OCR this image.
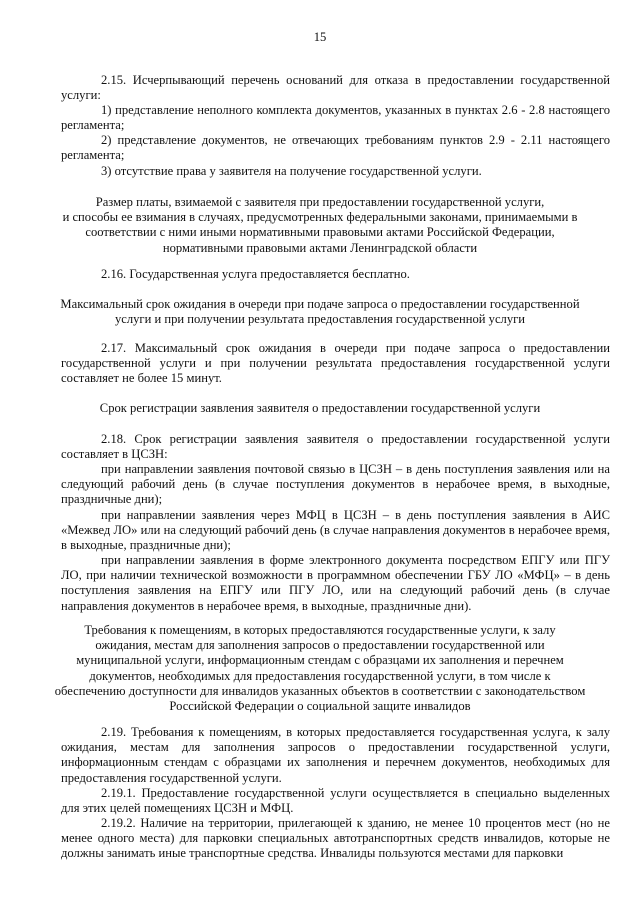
15
2.15. Исчерпывающий перечень оснований для отказа в предоставлении государственной услуги:
1) представление неполного комплекта документов, указанных в пунктах 2.6 - 2.8 настоящего регламента;
2) представление документов, не отвечающих требованиям пунктов 2.9 - 2.11 настоящего регламента;
3) отсутствие права у заявителя на получение государственной услуги.
Размер платы, взимаемой с заявителя при предоставлении государственной услуги,
и способы ее взимания в случаях, предусмотренных федеральными законами, принимаемыми в
соответствии с ними иными нормативными правовыми актами Российской Федерации,
нормативными правовыми актами Ленинградской области
2.16. Государственная услуга предоставляется бесплатно.
Максимальный срок ожидания в очереди при подаче запроса о предоставлении государственной
услуги и при получении результата предоставления государственной услуги
2.17. Максимальный срок ожидания в очереди при подаче запроса о предоставлении государственной услуги и при получении результата предоставления государственной услуги составляет не более 15 минут.
Срок регистрации заявления заявителя о предоставлении государственной услуги
2.18. Срок регистрации заявления заявителя о предоставлении государственной услуги составляет в ЦСЗН:
при направлении заявления почтовой связью в ЦСЗН – в день поступления заявления или на следующий рабочий день (в случае поступления документов в нерабочее время, в выходные, праздничные дни);
при направлении заявления через МФЦ в ЦСЗН – в день поступления заявления в АИС «Межвед ЛО» или на следующий рабочий день (в случае направления документов в нерабочее время, в выходные, праздничные дни);
при направлении заявления в форме электронного документа посредством ЕПГУ или ПГУ ЛО, при наличии технической возможности в программном обеспечении ГБУ ЛО «МФЦ» – в день поступления заявления на ЕПГУ или ПГУ ЛО, или на следующий рабочий день (в случае направления документов в нерабочее время, в выходные, праздничные дни).
Требования к помещениям, в которых предоставляются государственные услуги, к залу
ожидания, местам для заполнения запросов о предоставлении государственной или
муниципальной услуги, информационным стендам с образцами их заполнения и перечнем
документов, необходимых для предоставления государственной услуги, в том числе к
обеспечению доступности для инвалидов указанных объектов в соответствии с законодательством
Российской Федерации о социальной защите инвалидов
2.19. Требования к помещениям, в которых предоставляется государственная услуга, к залу ожидания, местам для заполнения запросов о предоставлении государственной услуги, информационным стендам с образцами их заполнения и перечнем документов, необходимых для предоставления государственной услуги.
2.19.1. Предоставление государственной услуги осуществляется в специально выделенных для этих целей помещениях ЦСЗН и МФЦ.
2.19.2. Наличие на территории, прилегающей к зданию, не менее 10 процентов мест (но не менее одного места) для парковки специальных автотранспортных средств инвалидов, которые не должны занимать иные транспортные средства. Инвалиды пользуются местами для парковки
